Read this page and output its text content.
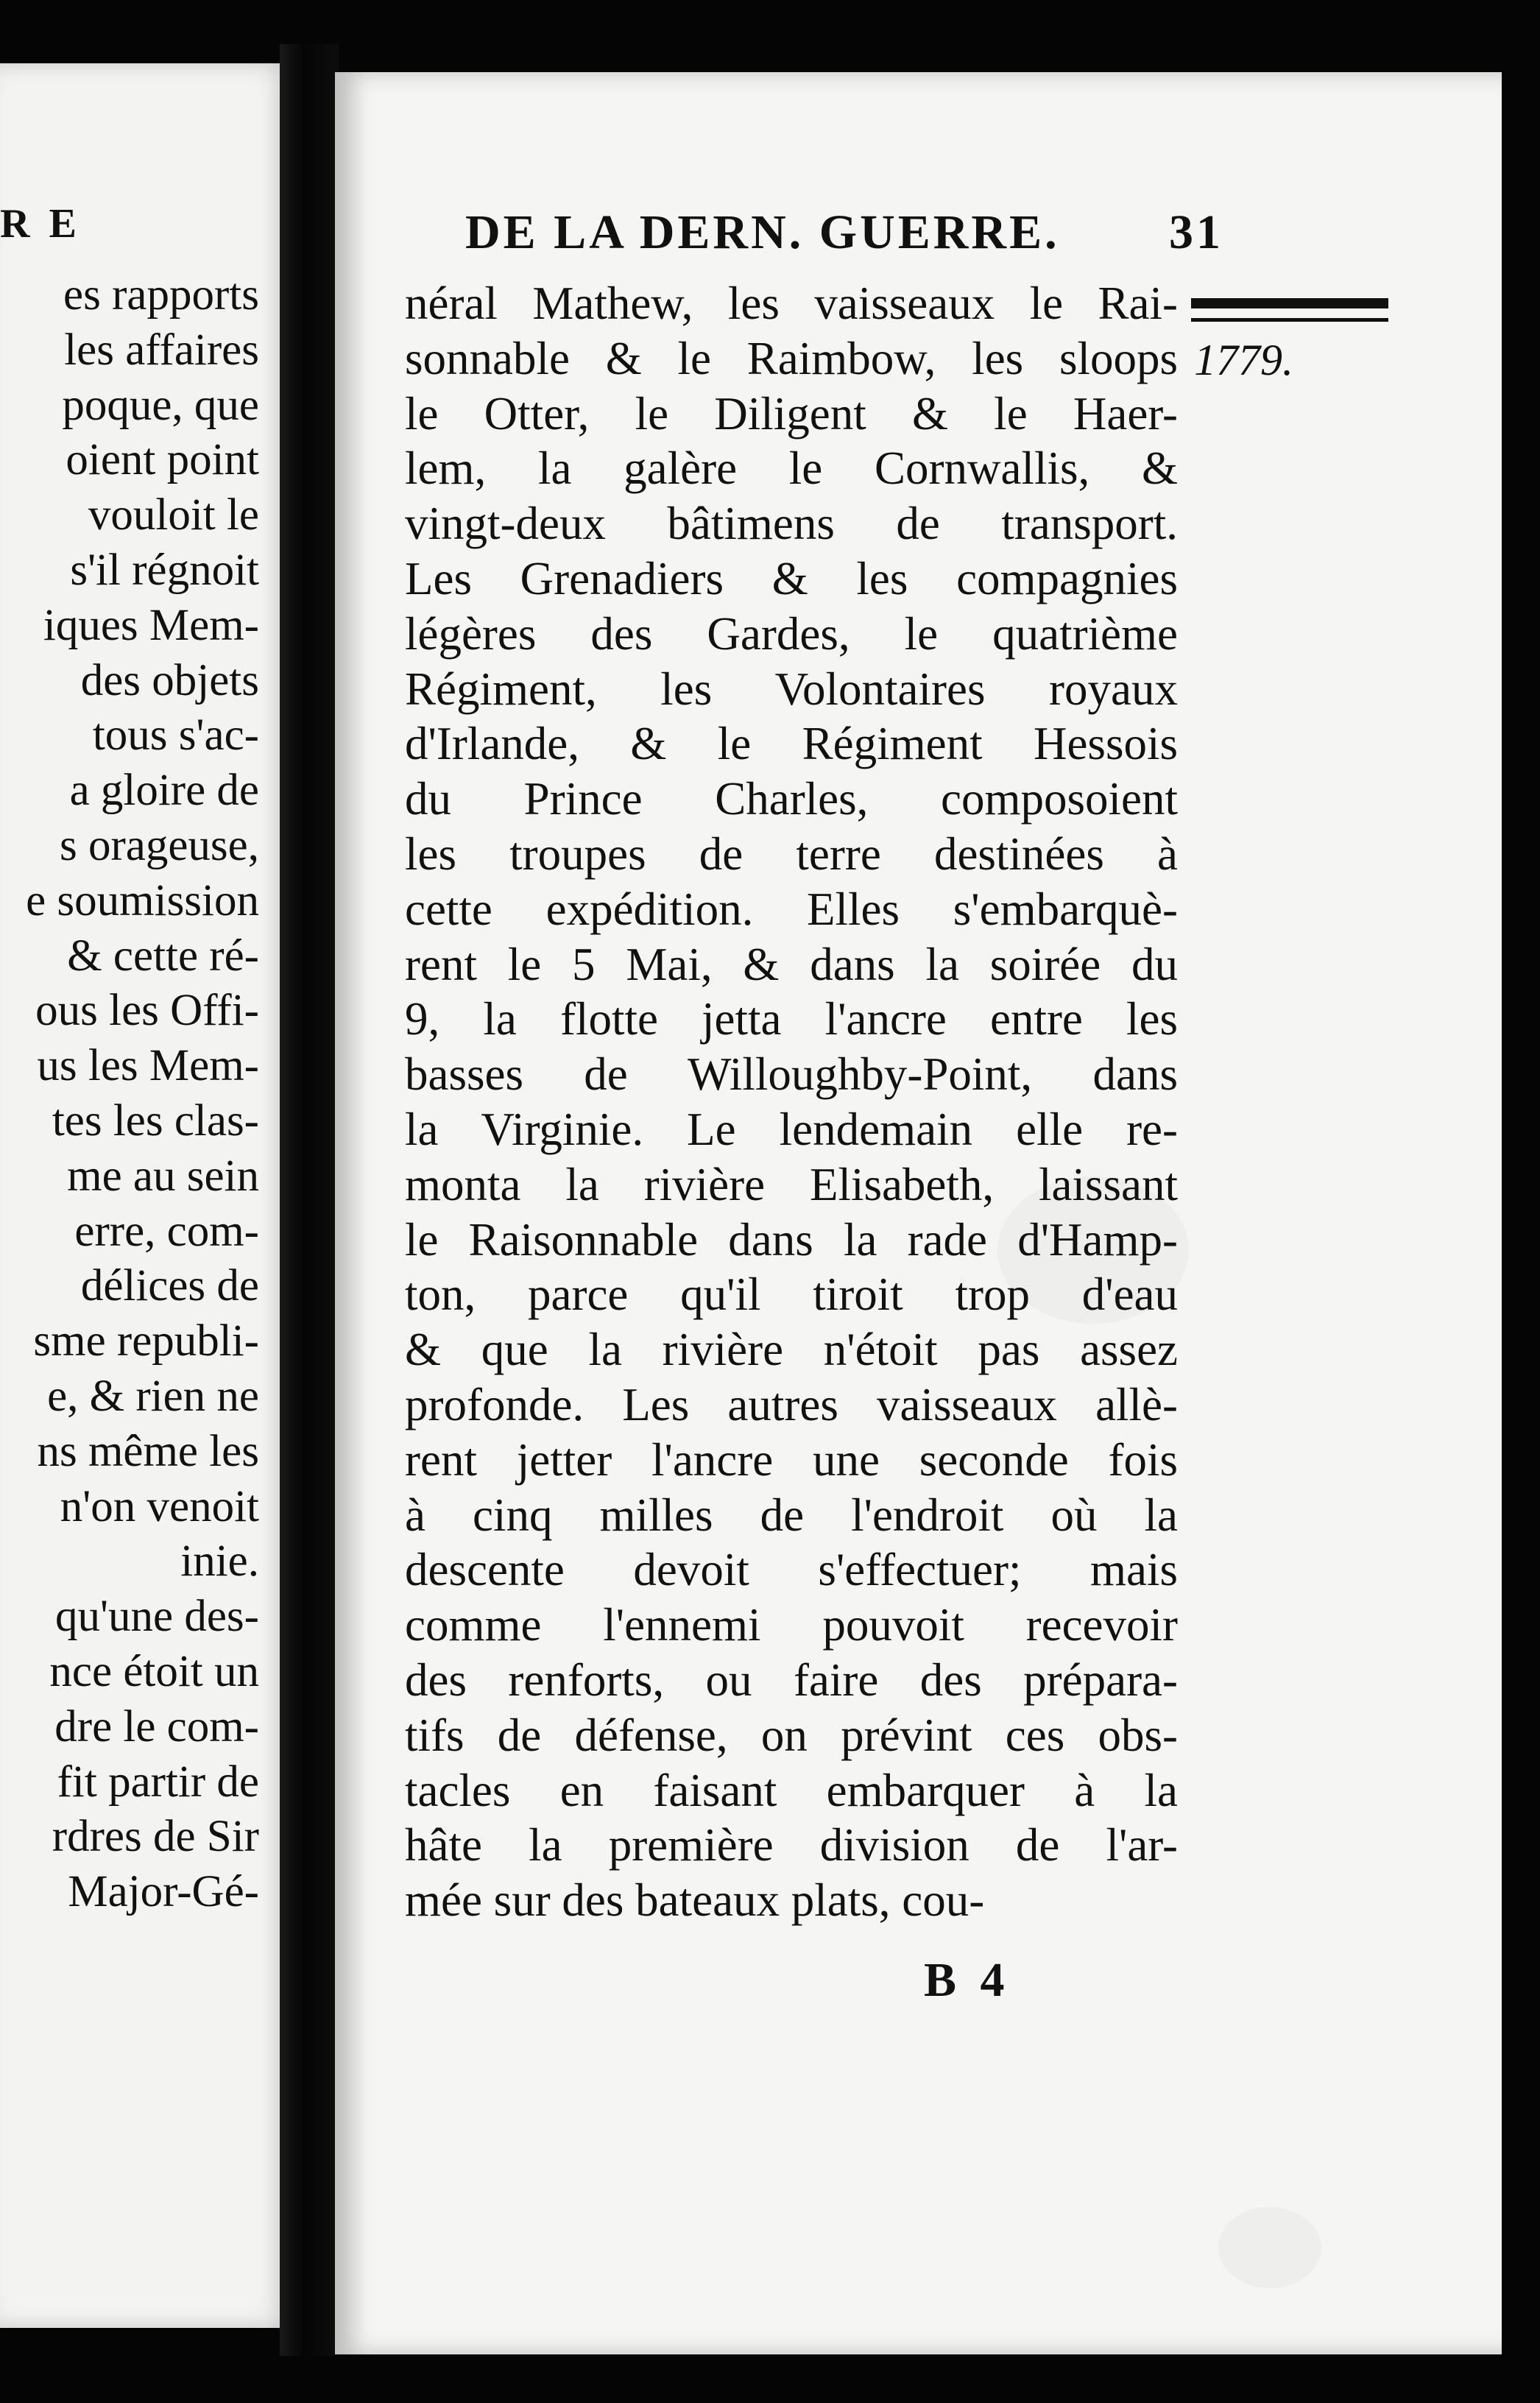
R E
es rapports
les affaires
poque, que
oient point
vouloit le
s'il régnoit
iques Mem-
des objets
tous s'ac-
a gloire de
s orageuse,
e soumission
& cette ré-
ous les Offi-
us les Mem-
tes les clas-
me au sein
erre, com-
délices de
sme republi-
e, & rien ne
ns même les
n'on venoit
inie.
qu'une des-
nce étoit un
dre le com-
fit partir de
rdres de Sir
Major-Gé-
DE LA DERN. GUERRE. 31
1779.
néral Mathew, les vaisseaux le Rai-
sonnable & le Raimbow, les sloops
le Otter, le Diligent & le Haer-
lem, la galère le Cornwallis, &
vingt-deux bâtimens de transport.
Les Grenadiers & les compagnies
légères des Gardes, le quatrième
Régiment, les Volontaires royaux
d'Irlande, & le Régiment Hessois
du Prince Charles, composoient
les troupes de terre destinées à
cette expédition. Elles s'embarquè-
rent le 5 Mai, & dans la soirée du
9, la flotte jetta l'ancre entre les
basses de Willoughby-Point, dans
la Virginie. Le lendemain elle re-
monta la rivière Elisabeth, laissant
le Raisonnable dans la rade d'Hamp-
ton, parce qu'il tiroit trop d'eau
& que la rivière n'étoit pas assez
profonde. Les autres vaisseaux allè-
rent jetter l'ancre une seconde fois
à cinq milles de l'endroit où la
descente devoit s'effectuer; mais
comme l'ennemi pouvoit recevoir
des renforts, ou faire des prépara-
tifs de défense, on prévint ces obs-
tacles en faisant embarquer à la
hâte la première division de l'ar-
mée sur des bateaux plats, cou-
B 4
